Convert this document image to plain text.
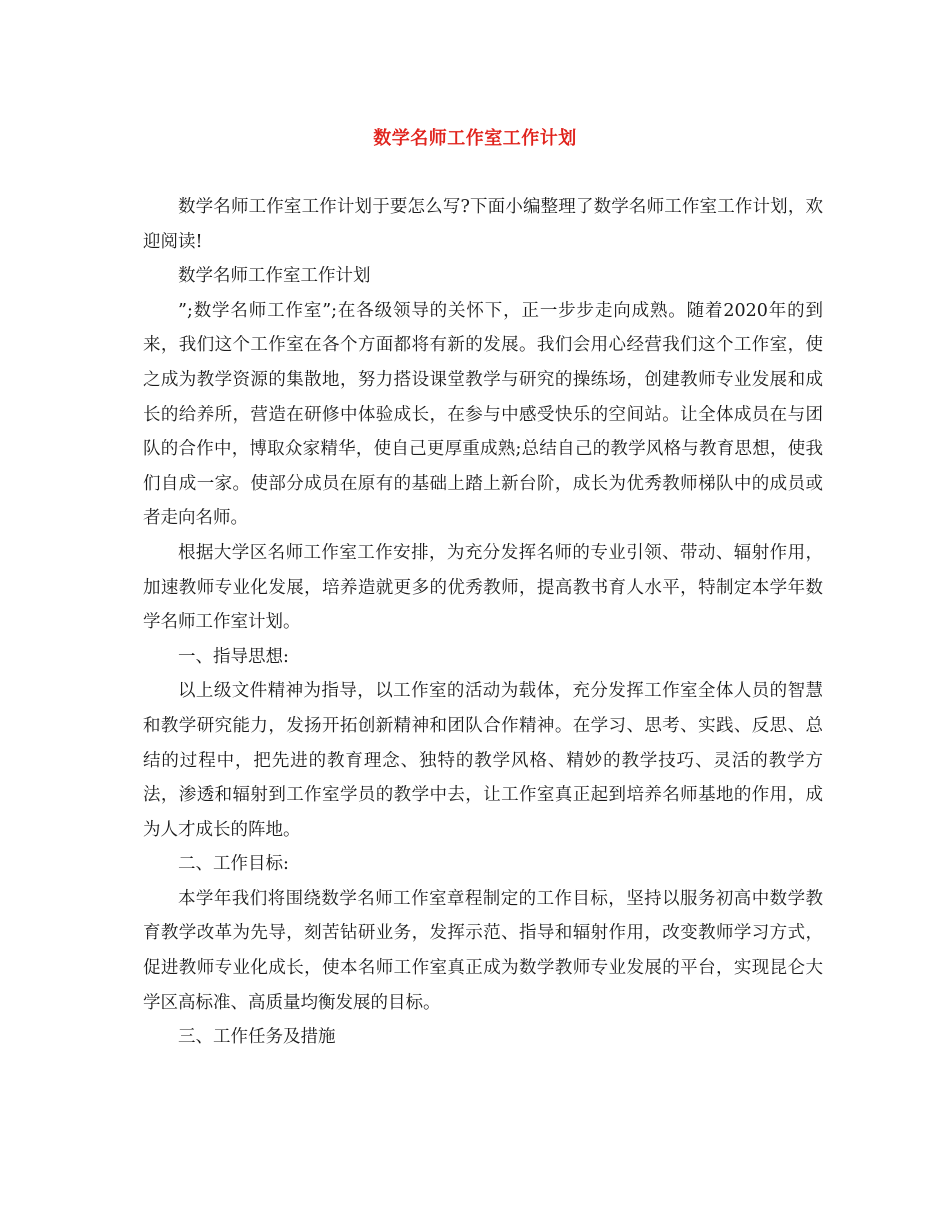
数学名师工作室工作计划

数学名师工作室工作计划于要怎么写?下面小编整理了数学名师工作室工作计划，欢迎阅读!

数学名师工作室工作计划

”;数学名师工作室”;在各级领导的关怀下，正一步步走向成熟。随着2020年的到来，我们这个工作室在各个方面都将有新的发展。我们会用心经营我们这个工作室，使之成为教学资源的集散地，努力搭设课堂教学与研究的操练场，创建教师专业发展和成长的给养所，营造在研修中体验成长，在参与中感受快乐的空间站。让全体成员在与团队的合作中，博取众家精华，使自己更厚重成熟;总结自己的教学风格与教育思想，使我们自成一家。使部分成员在原有的基础上踏上新台阶，成长为优秀教师梯队中的成员或者走向名师。

根据大学区名师工作室工作安排，为充分发挥名师的专业引领、带动、辐射作用，加速教师专业化发展，培养造就更多的优秀教师，提高教书育人水平，特制定本学年数学名师工作室计划。

一、指导思想:

以上级文件精神为指导，以工作室的活动为载体，充分发挥工作室全体人员的智慧和教学研究能力，发扬开拓创新精神和团队合作精神。在学习、思考、实践、反思、总结的过程中，把先进的教育理念、独特的教学风格、精妙的教学技巧、灵活的教学方法，渗透和辐射到工作室学员的教学中去，让工作室真正起到培养名师基地的作用，成为人才成长的阵地。

二、工作目标:

本学年我们将围绕数学名师工作室章程制定的工作目标，坚持以服务初高中数学教育教学改革为先导，刻苦钻研业务，发挥示范、指导和辐射作用，改变教师学习方式，促进教师专业化成长，使本名师工作室真正成为数学教师专业发展的平台，实现昆仑大学区高标准、高质量均衡发展的目标。

三、工作任务及措施
